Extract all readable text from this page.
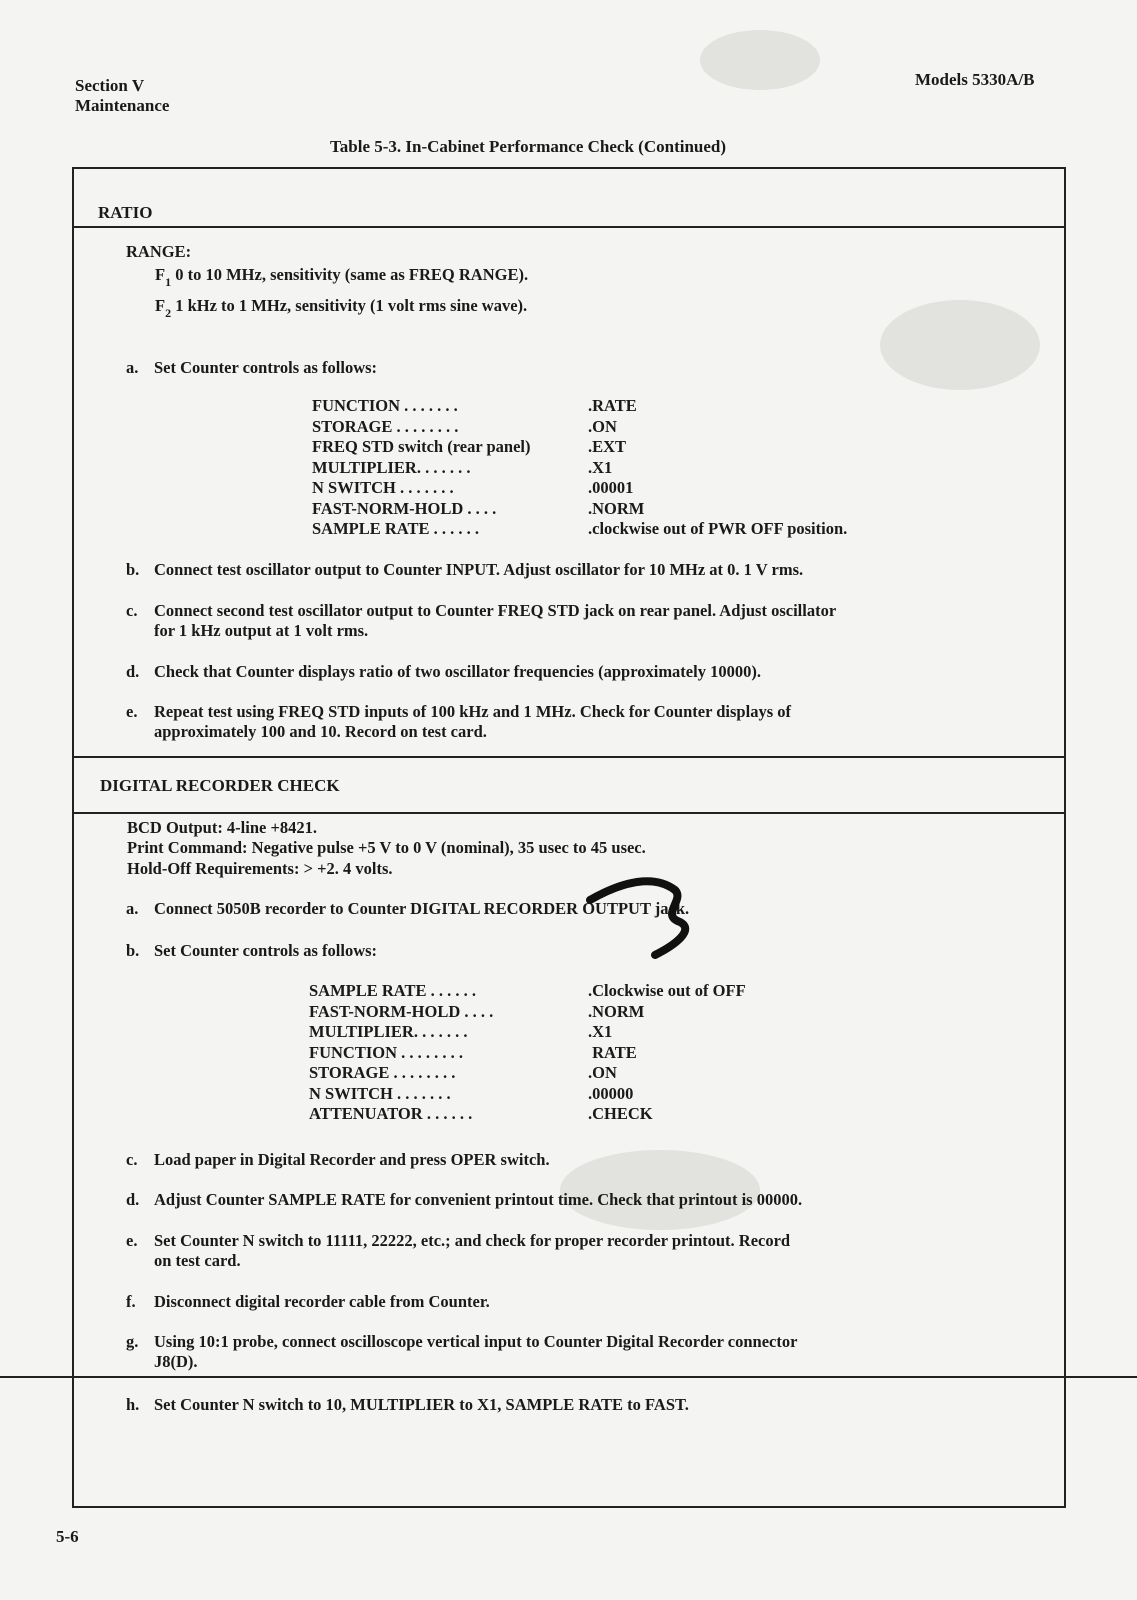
Section V
Maintenance
Models 5330A/B
Table 5-3. In-Cabinet Performance Check (Continued)
RATIO
RANGE:
$F_1$ 0 to 10 MHz, sensitivity (same as FREQ RANGE).
$F_2$ 1 kHz to 1 MHz, sensitivity (1 volt rms sine wave).
a. Set Counter controls as follows:
FUNCTION . . . . . . .	.RATE
STORAGE . . . . . . . .	.ON
FREQ STD switch (rear panel)	.EXT
MULTIPLIER. . . . . . .	.X1
N SWITCH . . . . . . .	.00001
FAST-NORM-HOLD . . . .	.NORM
SAMPLE RATE . . . . . .	.clockwise out of PWR OFF position.
b. Connect test oscillator output to Counter INPUT. Adjust oscillator for 10 MHz at 0. 1 V rms.
c. Connect second test oscillator output to Counter FREQ STD jack on rear panel. Adjust oscillator
for 1 kHz output at 1 volt rms.
d. Check that Counter displays ratio of two oscillator frequencies (approximately 10000).
e. Repeat test using FREQ STD inputs of 100 kHz and 1 MHz. Check for Counter displays of
approximately 100 and 10. Record on test card.
DIGITAL RECORDER CHECK
BCD Output: 4-line +8421.
Print Command: Negative pulse +5 V to 0 V (nominal), 35 usec to 45 usec.
Hold-Off Requirements: > +2. 4 volts.
a. Connect 5050B recorder to Counter DIGITAL RECORDER OUTPUT jack.
b. Set Counter controls as follows:
SAMPLE RATE . . . . . .	.Clockwise out of OFF
FAST-NORM-HOLD . . . .	.NORM
MULTIPLIER. . . . . . .	.X1
FUNCTION . . . . . . . .	RATE
STORAGE . . . . . . . .	.ON
N SWITCH . . . . . . .	.00000
ATTENUATOR . . . . . .	.CHECK
c. Load paper in Digital Recorder and press OPER switch.
d. Adjust Counter SAMPLE RATE for convenient printout time. Check that printout is 00000.
e. Set Counter N switch to 11111, 22222, etc.; and check for proper recorder printout. Record
on test card.
f. Disconnect digital recorder cable from Counter.
g. Using 10:1 probe, connect oscilloscope vertical input to Counter Digital Recorder connector
J8(D).
h. Set Counter N switch to 10, MULTIPLIER to X1, SAMPLE RATE to FAST.
5-6
